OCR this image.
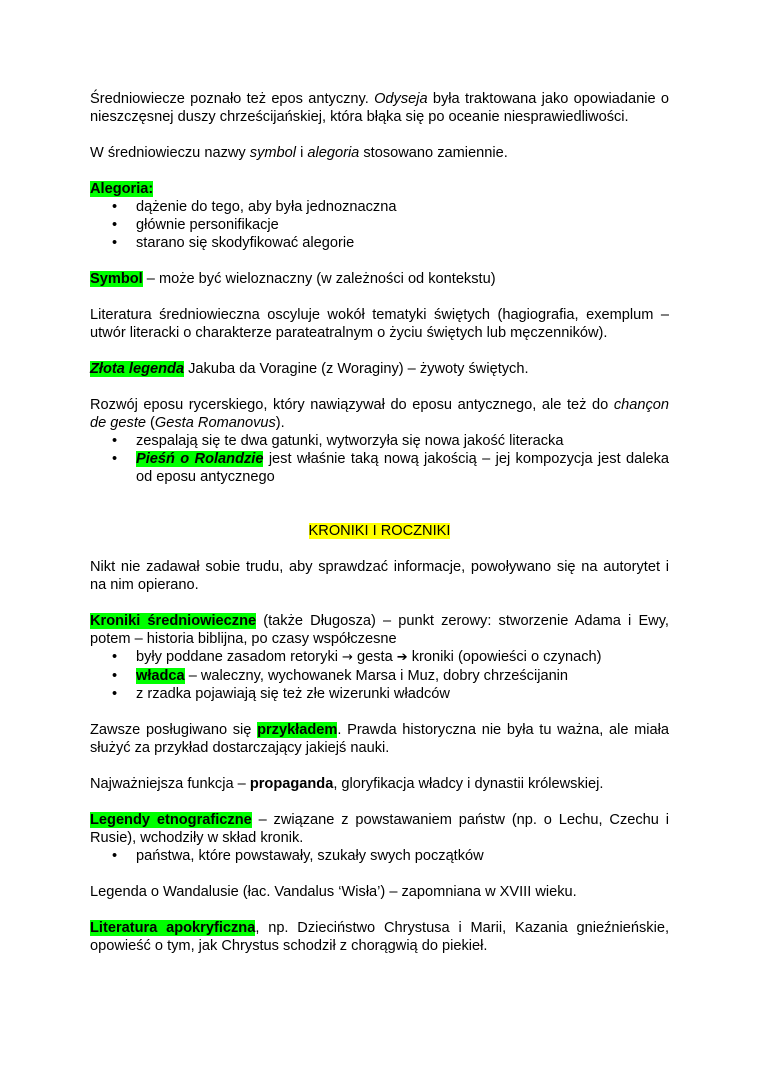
Średniowiecze poznało też epos antyczny. Odyseja była traktowana jako opowiadanie o nieszczęsnej duszy chrześcijańskiej, która błąka się po oceanie niesprawiedliwości.

W średniowieczu nazwy symbol i alegoria stosowano zamiennie.

Alegoria:

• dążenie do tego, aby była jednoznaczna
• głównie personifikacje
• starano się skodyfikować alegorie

Symbol – może być wieloznaczny (w zależności od kontekstu)

Literatura średniowieczna oscyluje wokół tematyki świętych (hagiografia, exemplum – utwór literacki o charakterze parateatralnym o życiu świętych lub męczenników).

Złota legenda Jakuba da Voragine (z Woraginy) – żywoty świętych.

Rozwój eposu rycerskiego, który nawiązywał do eposu antycznego, ale też do chançon de geste (Gesta Romanovus).

• zespalają się te dwa gatunki, wytworzyła się nowa jakość literacka
• Pieśń o Rolandzie jest właśnie taką nową jakością – jej kompozycja jest daleka od eposu antycznego

KRONIKI I ROCZNIKI

Nikt nie zadawał sobie trudu, aby sprawdzać informacje, powoływano się na autorytet i na nim opierano.

Kroniki średniowieczne (także Długosza) – punkt zerowy: stworzenie Adama i Ewy, potem – historia biblijna, po czasy współczesne

• były poddane zasadom retoryki → gesta ➔ kroniki (opowieści o czynach)
• władca – waleczny, wychowanek Marsa i Muz, dobry chrześcijanin
• z rzadka pojawiają się też złe wizerunki władców

Zawsze posługiwano się przykładem. Prawda historyczna nie była tu ważna, ale miała służyć za przykład dostarczający jakiejś nauki.

Najważniejsza funkcja – propaganda, gloryfikacja władcy i dynastii królewskiej.

Legendy etnograficzne – związane z powstawaniem państw (np. o Lechu, Czechu i Rusie), wchodziły w skład kronik.

• państwa, które powstawały, szukały swych początków

Legenda o Wandalusie (łac. Vandalus ‘Wisła’) – zapomniana w XVIII wieku.

Literatura apokryficzna, np. Dzieciństwo Chrystusa i Marii, Kazania gnieźnieńskie, opowieść o tym, jak Chrystus schodził z chorągwią do piekieł.
